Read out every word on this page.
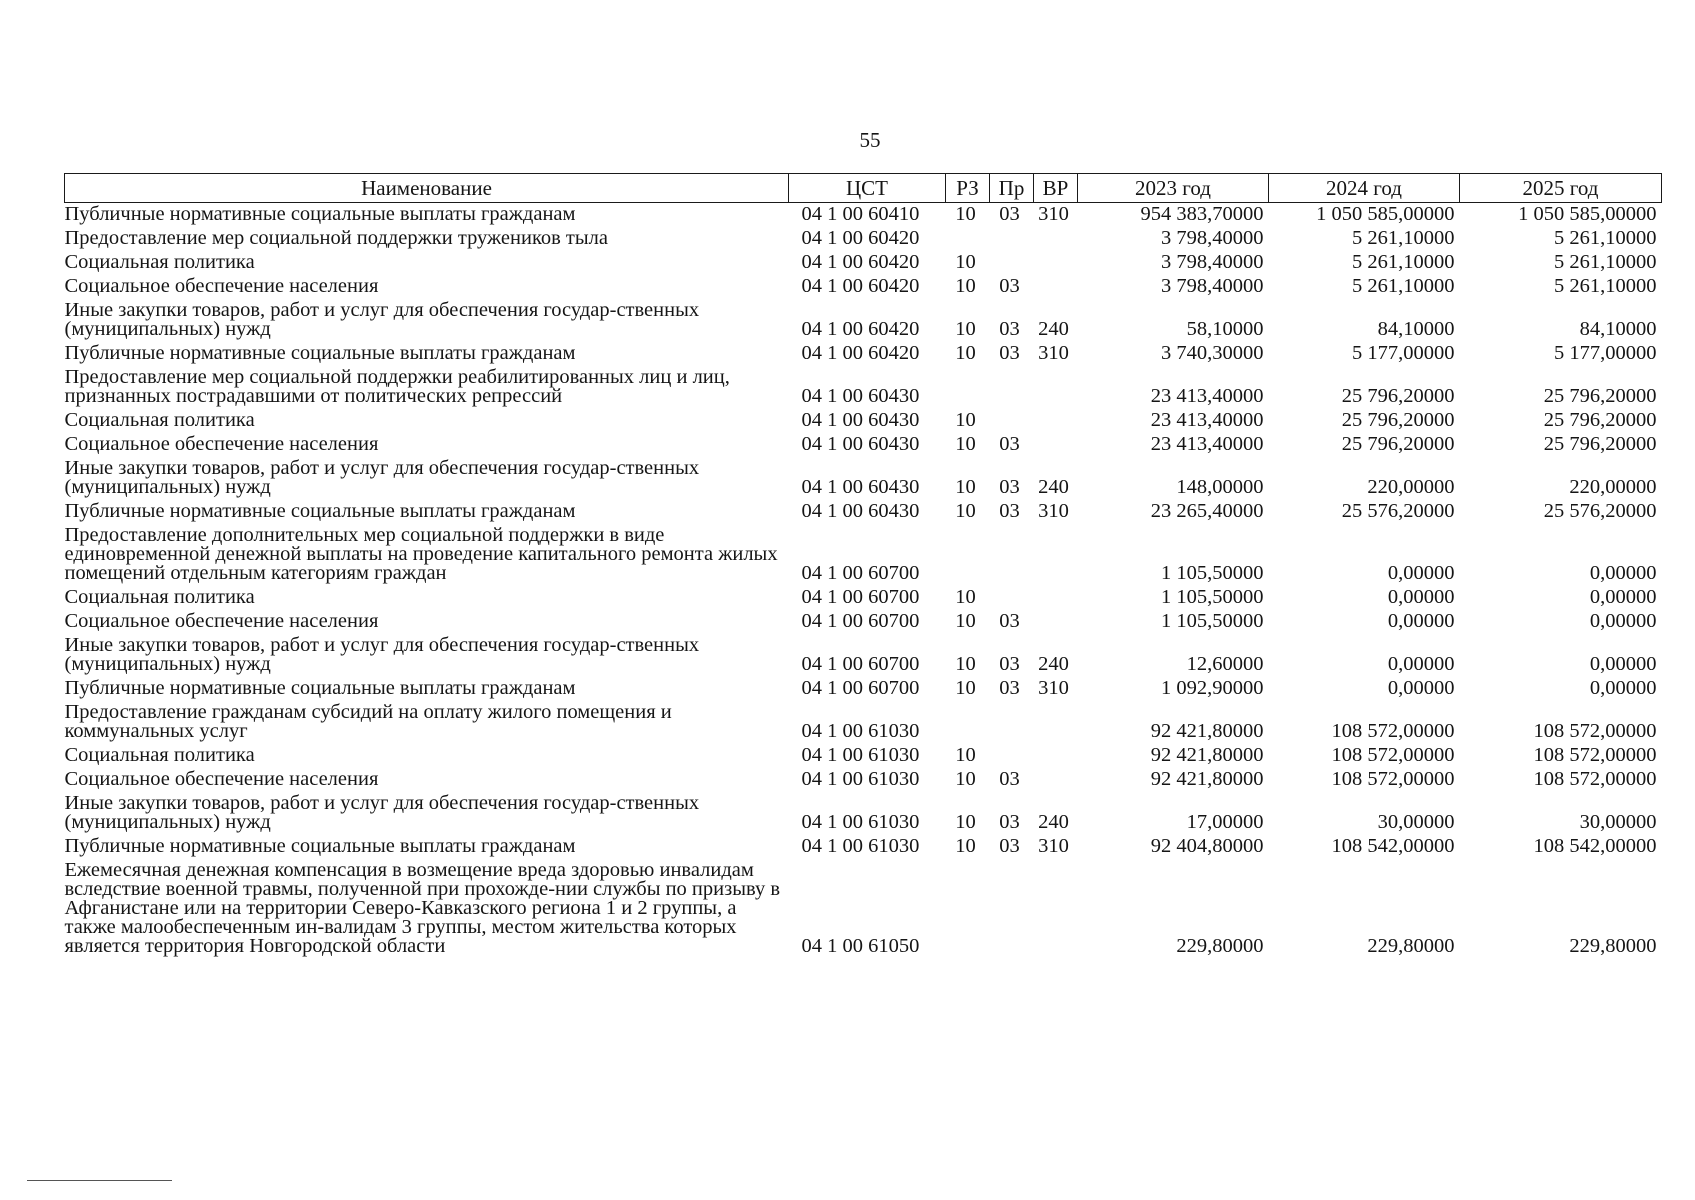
55
Наименование	ЦСТ	РЗ	Пр	ВР	2023 год	2024 год	2025 год
Публичные нормативные социальные выплаты гражданам	04 1 00 60410	10	03	310	954 383,70000	1 050 585,00000	1 050 585,00000
Предоставление мер социальной поддержки тружеников тыла	04 1 00 60420				3 798,40000	5 261,10000	5 261,10000
Социальная политика	04 1 00 60420	10			3 798,40000	5 261,10000	5 261,10000
Социальное обеспечение населения	04 1 00 60420	10	03		3 798,40000	5 261,10000	5 261,10000
Иные закупки товаров, работ и услуг для обеспечения государ-ственных (муниципальных) нужд	04 1 00 60420	10	03	240	58,10000	84,10000	84,10000
Публичные нормативные социальные выплаты гражданам	04 1 00 60420	10	03	310	3 740,30000	5 177,00000	5 177,00000
Предоставление мер социальной поддержки реабилитированных лиц и лиц, признанных пострадавшими от политических репрессий	04 1 00 60430				23 413,40000	25 796,20000	25 796,20000
Социальная политика	04 1 00 60430	10			23 413,40000	25 796,20000	25 796,20000
Социальное обеспечение населения	04 1 00 60430	10	03		23 413,40000	25 796,20000	25 796,20000
Иные закупки товаров, работ и услуг для обеспечения государ-ственных (муниципальных) нужд	04 1 00 60430	10	03	240	148,00000	220,00000	220,00000
Публичные нормативные социальные выплаты гражданам	04 1 00 60430	10	03	310	23 265,40000	25 576,20000	25 576,20000
Предоставление дополнительных мер социальной поддержки в виде единовременной денежной выплаты на проведение капитального ремонта жилых помещений отдельным категориям граждан	04 1 00 60700				1 105,50000	0,00000	0,00000
Социальная политика	04 1 00 60700	10			1 105,50000	0,00000	0,00000
Социальное обеспечение населения	04 1 00 60700	10	03		1 105,50000	0,00000	0,00000
Иные закупки товаров, работ и услуг для обеспечения государ-ственных (муниципальных) нужд	04 1 00 60700	10	03	240	12,60000	0,00000	0,00000
Публичные нормативные социальные выплаты гражданам	04 1 00 60700	10	03	310	1 092,90000	0,00000	0,00000
Предоставление гражданам субсидий на оплату жилого помещения и коммунальных услуг	04 1 00 61030				92 421,80000	108 572,00000	108 572,00000
Социальная политика	04 1 00 61030	10			92 421,80000	108 572,00000	108 572,00000
Социальное обеспечение населения	04 1 00 61030	10	03		92 421,80000	108 572,00000	108 572,00000
Иные закупки товаров, работ и услуг для обеспечения государ-ственных (муниципальных) нужд	04 1 00 61030	10	03	240	17,00000	30,00000	30,00000
Публичные нормативные социальные выплаты гражданам	04 1 00 61030	10	03	310	92 404,80000	108 542,00000	108 542,00000
Ежемесячная денежная компенсация в возмещение вреда здоровью инвалидам вследствие военной травмы, полученной при прохожде-нии службы по призыву в Афганистане или на территории Северо-Кавказского региона 1 и 2 группы, а также малообеспеченным ин-валидам 3 группы, местом жительства которых является территория Новгородской области	04 1 00 61050				229,80000	229,80000	229,80000
